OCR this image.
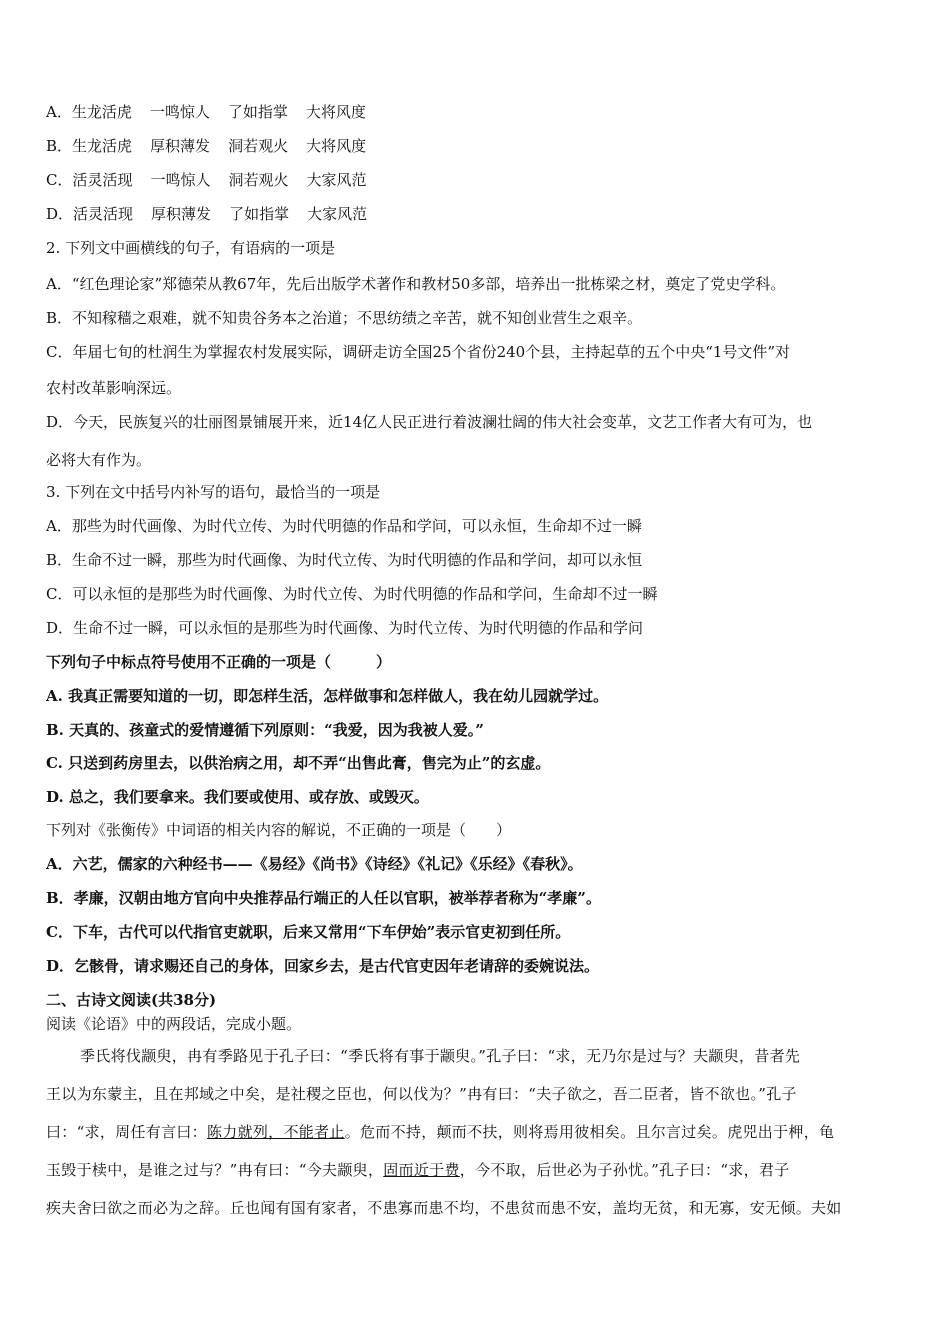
A．生龙活虎 一鸣惊人 了如指掌 大将风度
B．生龙活虎 厚积薄发 洞若观火 大将风度
C．活灵活现 一鸣惊人 洞若观火 大家风范
D．活灵活现 厚积薄发 了如指掌 大家风范
2. 下列文中画横线的句子，有语病的一项是
A．“红色理论家”郑德荣从教67年，先后出版学术著作和教材50多部，培养出一批栋梁之材，奠定了党史学科。
B．不知稼穑之艰难，就不知贵谷务本之治道；不思纺绩之辛苦，就不知创业营生之艰辛。
C．年届七旬的杜润生为掌握农村发展实际，调研走访全国25个省份240个县，主持起草的五个中央“1号文件”对
农村改革影响深远。
D．今天，民族复兴的壮丽图景铺展开来，近14亿人民正进行着波澜壮阔的伟大社会变革，文艺工作者大有可为，也
必将大有作为。
3. 下列在文中括号内补写的语句，最恰当的一项是
A．那些为时代画像、为时代立传、为时代明德的作品和学问，可以永恒，生命却不过一瞬
B．生命不过一瞬，那些为时代画像、为时代立传、为时代明德的作品和学问，却可以永恒
C．可以永恒的是那些为时代画像、为时代立传、为时代明德的作品和学问，生命却不过一瞬
D．生命不过一瞬，可以永恒的是那些为时代画像、为时代立传、为时代明德的作品和学问
下列句子中标点符号使用不正确的一项是（　　　）
A. 我真正需要知道的一切，即怎样生活，怎样做事和怎样做人，我在幼儿园就学过。
B. 天真的、孩童式的爱情遵循下列原则：“我爱，因为我被人爱。”
C. 只送到药房里去，以供治病之用，却不弄“出售此膏，售完为止”的玄虚。
D. 总之，我们要拿来。我们要或使用、或存放、或毁灭。
下列对《张衡传》中词语的相关内容的解说，不正确的一项是（　　）
A．六艺，儒家的六种经书——《易经》《尚书》《诗经》《礼记》《乐经》《春秋》。
B．孝廉，汉朝由地方官向中央推荐品行端正的人任以官职，被举荐者称为“孝廉”。
C．下车，古代可以代指官吏就职，后来又常用“下车伊始”表示官吏初到任所。
D．乞骸骨，请求赐还自己的身体，回家乡去，是古代官吏因年老请辞的委婉说法。
二、古诗文阅读(共38分)
阅读《论语》中的两段话，完成小题。
季氏将伐颛臾，冉有季路见于孔子曰：“季氏将有事于颛臾。”孔子曰：“求，无乃尔是过与？夫颛臾，昔者先
王以为东蒙主，且在邦域之中矣，是社稷之臣也，何以伐为？”冉有曰：“夫子欲之，吾二臣者，皆不欲也。”孔子
曰：“求，周任有言曰：陈力就列，不能者止。危而不持，颠而不扶，则将焉用彼相矣。且尔言过矣。虎兕出于柙，龟
玉毁于椟中，是谁之过与？”冉有曰：“今夫颛臾，固而近于费，今不取，后世必为子孙忧。”孔子曰：“求，君子
疾夫舍曰欲之而必为之辞。丘也闻有国有家者，不患寡而患不均，不患贫而患不安，盖均无贫，和无寡，安无倾。夫如
